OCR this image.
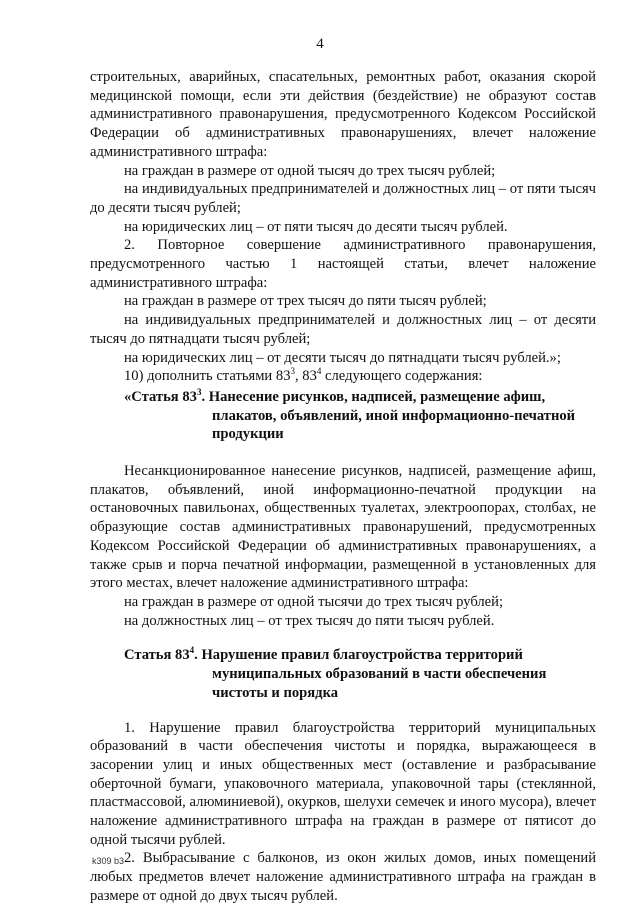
4

строительных, аварийных, спасательных, ремонтных работ, оказания скорой медицинской помощи, если эти действия (бездействие) не образуют состав административного правонарушения, предусмотренного Кодексом Российской Федерации об административных правонарушениях, влечет наложение административного штрафа:

на граждан в размере от одной тысяч до трех тысяч рублей;

на индивидуальных предпринимателей и должностных лиц – от пяти тысяч до десяти тысяч рублей;

на юридических лиц – от пяти тысяч до десяти тысяч рублей.

2. Повторное совершение административного правонарушения, предусмотренного частью 1 настоящей статьи, влечет наложение административного штрафа:

на граждан в размере от трех тысяч до пяти тысяч рублей;

на индивидуальных предпринимателей и должностных лиц – от десяти тысяч до пятнадцати тысяч рублей;

на юридических лиц – от десяти тысяч до пятнадцати тысяч рублей.»;

10) дополнить статьями $83^3$, $83^4$ следующего содержания:

«Статья $83^3$. Нанесение рисунков, надписей, размещение афиш,
плакатов, объявлений, иной информационно-печатной
продукции

Несанкционированное нанесение рисунков, надписей, размещение афиш, плакатов, объявлений, иной информационно-печатной продукции на остановочных павильонах, общественных туалетах, электроопорах, столбах, не образующие состав административных правонарушений, предусмотренных Кодексом Российской Федерации об административных правонарушениях, а также срыв и порча печатной информации, размещенной в установленных для этого местах, влечет наложение административного штрафа:

на граждан в размере от одной тысячи до трех тысяч рублей;

на должностных лиц – от трех тысяч до пяти тысяч рублей.

Статья $83^4$. Нарушение правил благоустройства территорий
муниципальных образований в части обеспечения
чистоты и порядка

1. Нарушение правил благоустройства территорий муниципальных образований в части обеспечения чистоты и порядка, выражающееся в засорении улиц и иных общественных мест (оставление и разбрасывание оберточной бумаги, упаковочного материала, упаковочной тары (стеклянной, пластмассовой, алюминиевой), окурков, шелухи семечек и иного мусора), влечет наложение административного штрафа на граждан в размере от пятисот до одной тысячи рублей.

2. Выбрасывание с балконов, из окон жилых домов, иных помещений любых предметов влечет наложение административного штрафа на граждан в размере от одной до двух тысяч рублей.

k309 b3
